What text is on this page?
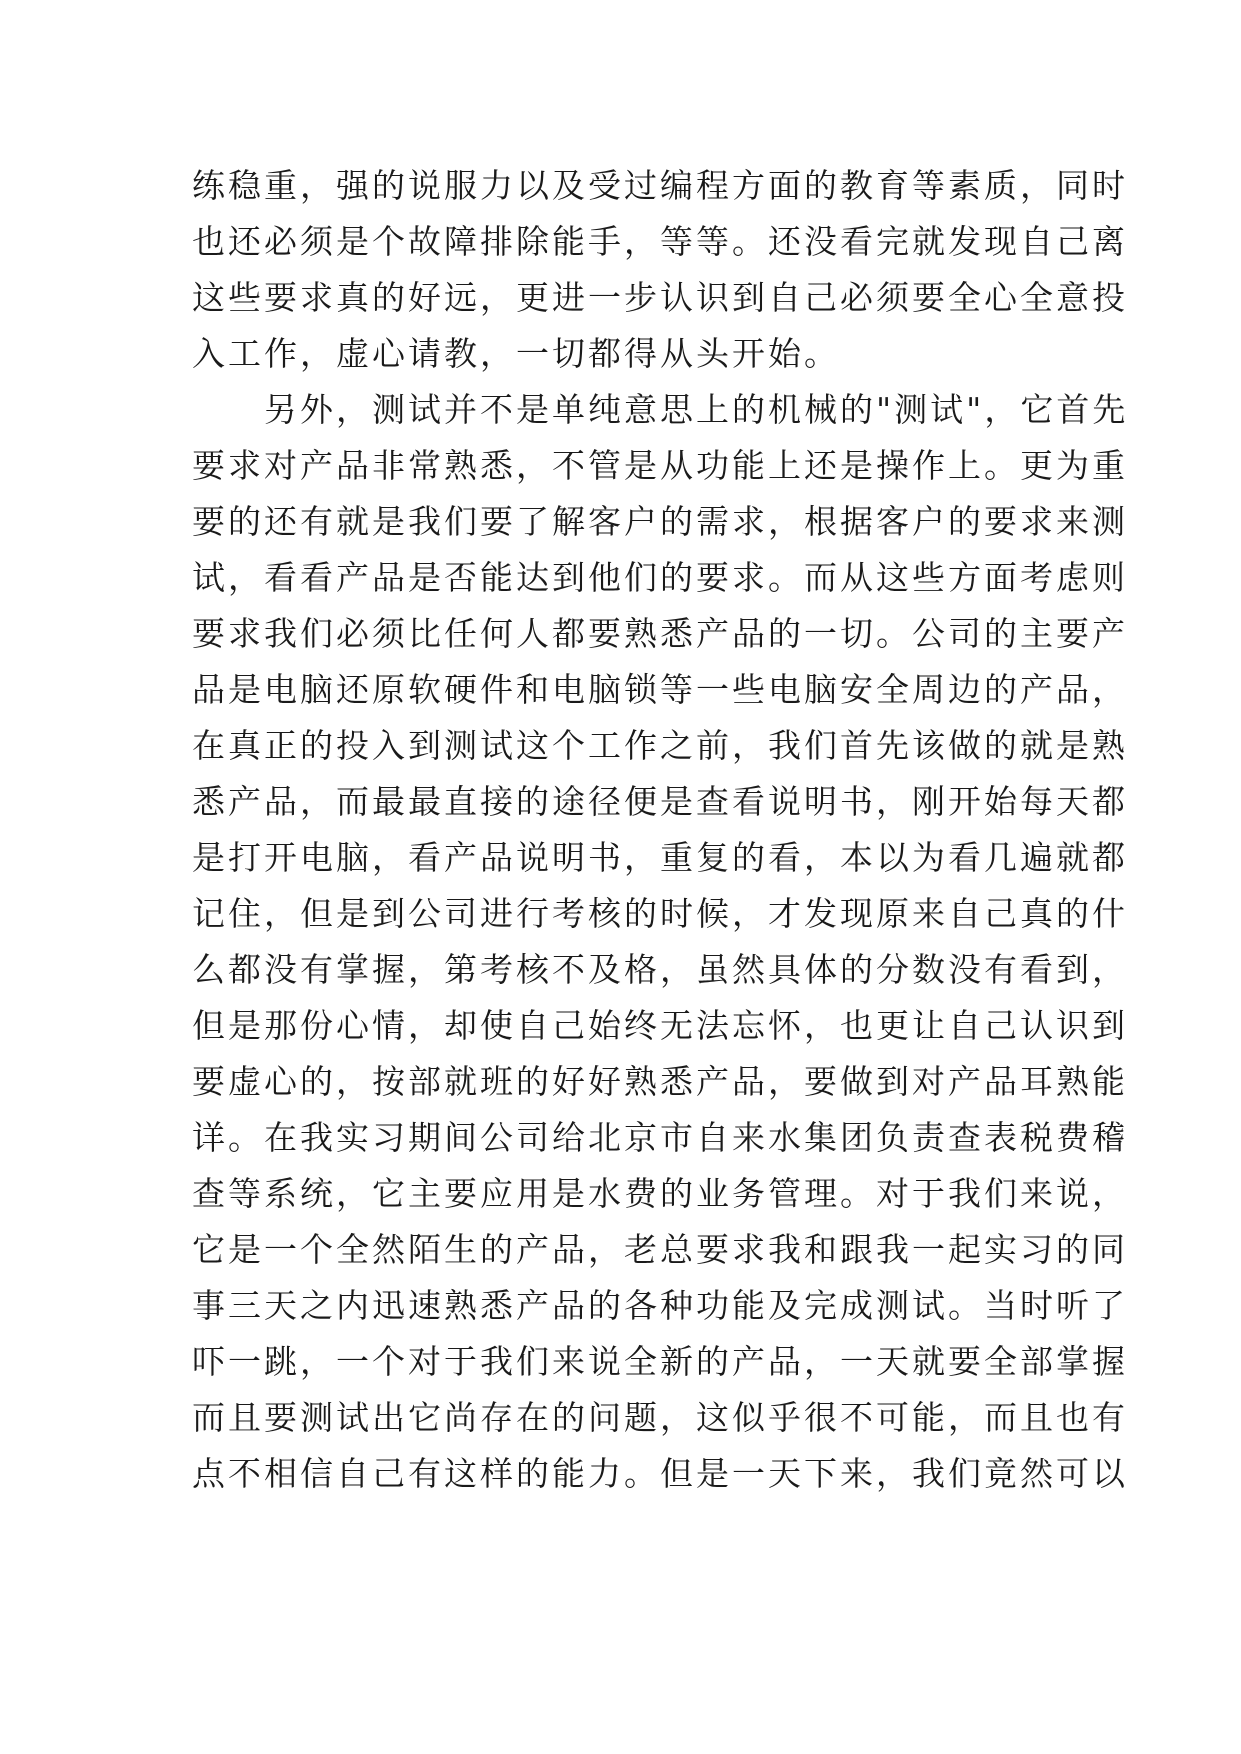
练稳重，强的说服力以及受过编程方面的教育等素质，同时
也还必须是个故障排除能手，等等。还没看完就发现自己离
这些要求真的好远，更进一步认识到自己必须要全心全意投
入工作，虚心请教，一切都得从头开始。
　　另外，测试并不是单纯意思上的机械的"测试"，它首先
要求对产品非常熟悉，不管是从功能上还是操作上。更为重
要的还有就是我们要了解客户的需求，根据客户的要求来测
试，看看产品是否能达到他们的要求。而从这些方面考虑则
要求我们必须比任何人都要熟悉产品的一切。公司的主要产
品是电脑还原软硬件和电脑锁等一些电脑安全周边的产品，
在真正的投入到测试这个工作之前，我们首先该做的就是熟
悉产品，而最最直接的途径便是查看说明书，刚开始每天都
是打开电脑，看产品说明书，重复的看，本以为看几遍就都
记住，但是到公司进行考核的时候，才发现原来自己真的什
么都没有掌握，第考核不及格，虽然具体的分数没有看到，
但是那份心情，却使自己始终无法忘怀，也更让自己认识到
要虚心的，按部就班的好好熟悉产品，要做到对产品耳熟能
详。在我实习期间公司给北京市自来水集团负责查表税费稽
查等系统，它主要应用是水费的业务管理。对于我们来说，
它是一个全然陌生的产品，老总要求我和跟我一起实习的同
事三天之内迅速熟悉产品的各种功能及完成测试。当时听了
吓一跳，一个对于我们来说全新的产品，一天就要全部掌握
而且要测试出它尚存在的问题，这似乎很不可能，而且也有
点不相信自己有这样的能力。但是一天下来，我们竟然可以
